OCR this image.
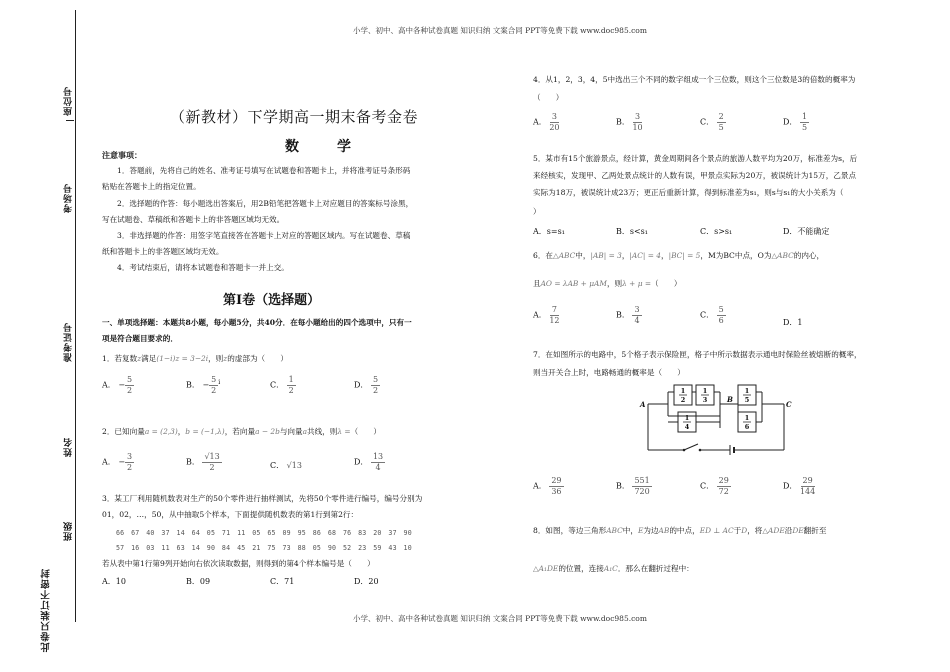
小学、初中、高中各种试卷真题 知识归纳 文案合同 PPT等免费下载 www.doc985.com
小学、初中、高中各种试卷真题 知识归纳 文案合同 PPT等免费下载 www.doc985.com
座位号
考场号
准考证号
姓名
班级
此卷只装订不密封
（新教材）下学期高一期末备考金卷
数　学
注意事项：
1．答题前，先将自己的姓名、准考证号填写在试题卷和答题卡上，并将准考证号条形码
粘贴在答题卡上的指定位置。
2．选择题的作答：每小题选出答案后，用2B铅笔把答题卡上对应题目的答案标号涂黑，
写在试题卷、草稿纸和答题卡上的非答题区域均无效。
3．非选择题的作答：用签字笔直接答在答题卡上对应的答题区域内。写在试题卷、草稿
纸和答题卡上的非答题区域均无效。
4．考试结束后，请将本试题卷和答题卡一并上交。
第Ⅰ卷（选择题）
一、单项选择题：本题共8小题，每小题5分，共40分．在每小题给出的四个选项中，只有一
项是符合题目要求的．
1．若复数z满足(1−i)z = 3−2i，则z的虚部为（　　）
A． − $\frac{5}{2}$	B． − $\frac{5}{2} ^i$	C． $\frac{1}{2}$	D． $\frac{5}{2}$
2．已知向量a = (2,3)，b = (−1,λ)，若向量a − 2b与向量a共线，则λ =（　　）
A． − $\frac{3}{2}$	B． $\frac{√13}{2}$	C． √13	D． $\frac{13}{4}$
3．某工厂利用随机数表对生产的50个零件进行抽样测试，先将50个零件进行编号，编号分别为
01，02，…，50，从中抽取5个样本，下面提供随机数表的第1行到第2行：
66　67　40　37　14　64　05　71　11　05　65　09　95　86　68　76　83　20　37　90
57　16　03　11　63　14　90　84　45　21　75　73　88　05　90　52　23　59　43　10
若从表中第1行第9列开始向右依次读取数据，则得到的第4个样本编号是（　　）
A．10	B．09	C．71	D．20
4．从1，2，3，4，5中选出三个不同的数字组成一个三位数，则这个三位数是3的倍数的概率为
（　　）
A． $\frac{3}{20}$	B． $\frac{3}{10}$	C． $\frac{2}{5}$	D． $\frac{1}{5}$
5．某市有15个旅游景点，经计算，黄金周期间各个景点的旅游人数平均为20万，标准差为s，后
来经核实，发现甲、乙两处景点统计的人数有误，甲景点实际为20万，被误统计为15万，乙景点
实际为18万，被误统计成23万；更正后重新计算，得到标准差为s₁，则s与s₁的大小关系为（
）
A．s=s₁	B．s<s₁	C．s>s₁	D．不能确定
6．在△ABC中，|AB| = 3，|AC| = 4，|BC| = 5，M为BC中点，O为△ABC的内心，
且AO = λAB + μAM，则λ + μ =（　　）
A． $\frac{7}{12}$	B． $\frac{3}{4}$	C． $\frac{5}{6}$	D．1
7．在如图所示的电路中，5个格子表示保险匣，格子中所示数据表示通电时保险丝被熔断的概率，
则当开关合上时，电路畅通的概率是（　　）
A
B
C
1
2
1
3
1
4
1
5
1
6
A． $\frac{29}{36}$	B． $\frac{551}{720}$	C． $\frac{29}{72}$	D． $\frac{29}{144}$
8．如图，等边三角形ABC中，E为边AB的中点，ED ⊥ AC于D，将△ADE沿DE翻折至
△A₁DE的位置，连接A₁C．那么在翻折过程中：
